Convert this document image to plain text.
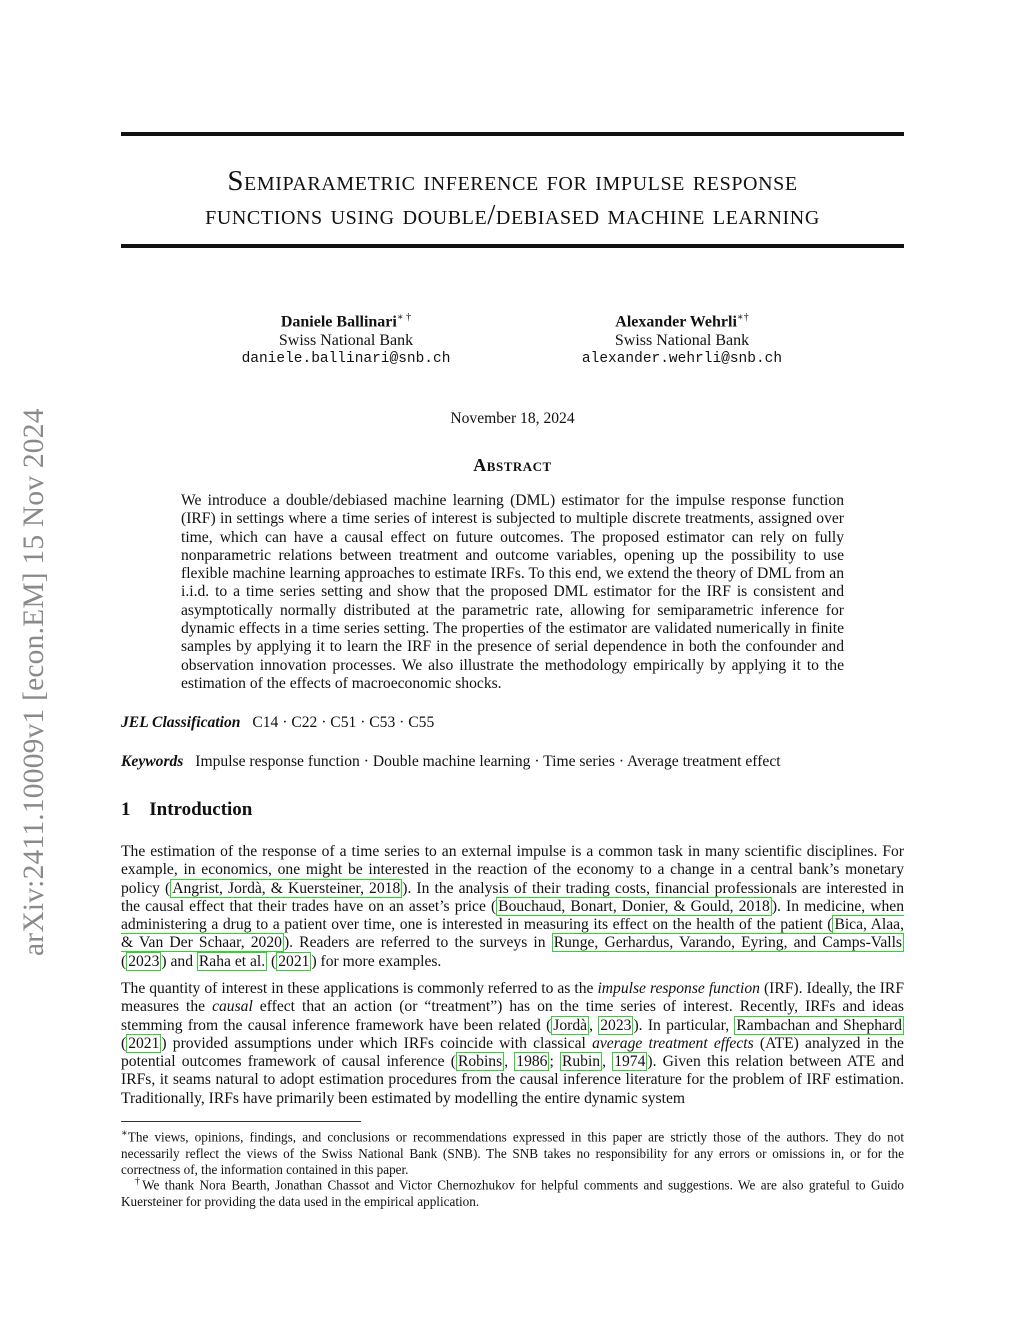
arXiv:2411.10009v1 [econ.EM] 15 Nov 2024
Semiparametric inference for impulse response
functions using double/debiased machine learning
Daniele Ballinari∗ †
Swiss National Bank
daniele.ballinari@snb.ch
Alexander Wehrli∗†
Swiss National Bank
alexander.wehrli@snb.ch
November 18, 2024
Abstract

We introduce a double/debiased machine learning (DML) estimator for the impulse response function (IRF) in settings where a time series of interest is subjected to multiple discrete treatments, assigned over time, which can have a causal effect on future outcomes. The proposed estimator can rely on fully nonparametric relations between treatment and outcome variables, opening up the possibility to use flexible machine learning approaches to estimate IRFs. To this end, we extend the theory of DML from an i.i.d. to a time series setting and show that the proposed DML estimator for the IRF is consistent and asymptotically normally distributed at the parametric rate, allowing for semiparametric inference for dynamic effects in a time series setting. The properties of the estimator are validated numerically in finite samples by applying it to learn the IRF in the presence of serial dependence in both the confounder and observation innovation processes. We also illustrate the methodology empirically by applying it to the estimation of the effects of macroeconomic shocks.

JEL Classification C14 · C22 · C51 · C53 · C55
Keywords Impulse response function · Double machine learning · Time series · Average treatment effect
1 Introduction

The estimation of the response of a time series to an external impulse is a common task in many scientific disciplines. For example, in economics, one might be interested in the reaction of the economy to a change in a central bank’s monetary policy ( Angrist, Jordà, & Kuersteiner, 2018 ). In the analysis of their trading costs, financial professionals are interested in the causal effect that their trades have on an asset’s price ( Bouchaud, Bonart, Donier, & Gould, 2018 ). In medicine, when administering a drug to a patient over time, one is interested in measuring its effect on the health of the patient ( Bica, Alaa, & Van Der Schaar, 2020 ). Readers are referred to the surveys in Runge, Gerhardus, Varando, Eyring, and Camps-Valls ( 2023 ) and Raha et al. ( 2021 ) for more examples.

The quantity of interest in these applications is commonly referred to as the impulse response function (IRF). Ideally, the IRF measures the causal effect that an action (or “treatment”) has on the time series of interest. Recently, IRFs and ideas stemming from the causal inference framework have been related ( Jordà , 2023 ). In particular, Rambachan and Shephard ( 2021 ) provided assumptions under which IRFs coincide with classical average treatment effects (ATE) analyzed in the potential outcomes framework of causal inference ( Robins , 1986 ; Rubin , 1974 ). Given this relation between ATE and IRFs, it seams natural to adopt estimation procedures from the causal inference literature for the problem of IRF estimation. Traditionally, IRFs have primarily been estimated by modelling the entire dynamic system

∗The views, opinions, findings, and conclusions or recommendations expressed in this paper are strictly those of the authors. They do not necessarily reflect the views of the Swiss National Bank (SNB). The SNB takes no responsibility for any errors or omissions in, or for the correctness of, the information contained in this paper.

†We thank Nora Bearth, Jonathan Chassot and Victor Chernozhukov for helpful comments and suggestions. We are also grateful to Guido Kuersteiner for providing the data used in the empirical application.
